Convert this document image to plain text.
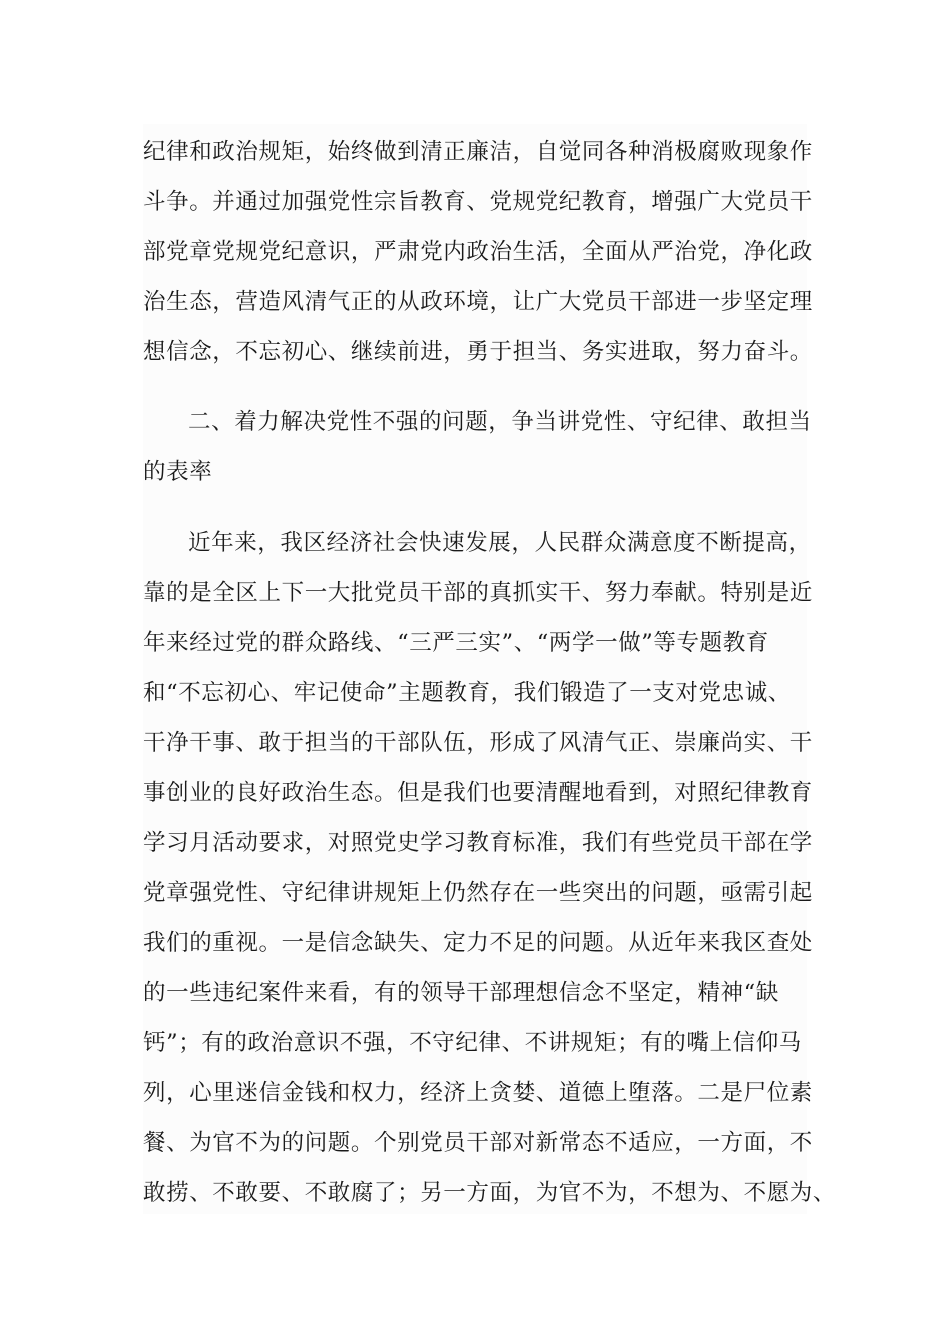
纪律和政治规矩，始终做到清正廉洁，自觉同各种消极腐败现象作
斗争。并通过加强党性宗旨教育、党规党纪教育，增强广大党员干
部党章党规党纪意识，严肃党内政治生活，全面从严治党，净化政
治生态，营造风清气正的从政环境，让广大党员干部进一步坚定理
想信念，不忘初心、继续前进，勇于担当、务实进取，努力奋斗。
二、着力解决党性不强的问题，争当讲党性、守纪律、敢担当
的表率
近年来，我区经济社会快速发展，人民群众满意度不断提高，
靠的是全区上下一大批党员干部的真抓实干、努力奉献。特别是近
年来经过党的群众路线、“三严三实”、“两学一做”等专题教育
和“不忘初心、牢记使命”主题教育，我们锻造了一支对党忠诚、
干净干事、敢于担当的干部队伍，形成了风清气正、崇廉尚实、干
事创业的良好政治生态。但是我们也要清醒地看到，对照纪律教育
学习月活动要求，对照党史学习教育标准，我们有些党员干部在学
党章强党性、守纪律讲规矩上仍然存在一些突出的问题，亟需引起
我们的重视。一是信念缺失、定力不足的问题。从近年来我区查处
的一些违纪案件来看，有的领导干部理想信念不坚定，精神“缺
钙”；有的政治意识不强，不守纪律、不讲规矩；有的嘴上信仰马
列，心里迷信金钱和权力，经济上贪婪、道德上堕落。二是尸位素
餐、为官不为的问题。个别党员干部对新常态不适应，一方面，不
敢捞、不敢要、不敢腐了；另一方面，为官不为，不想为、不愿为、
